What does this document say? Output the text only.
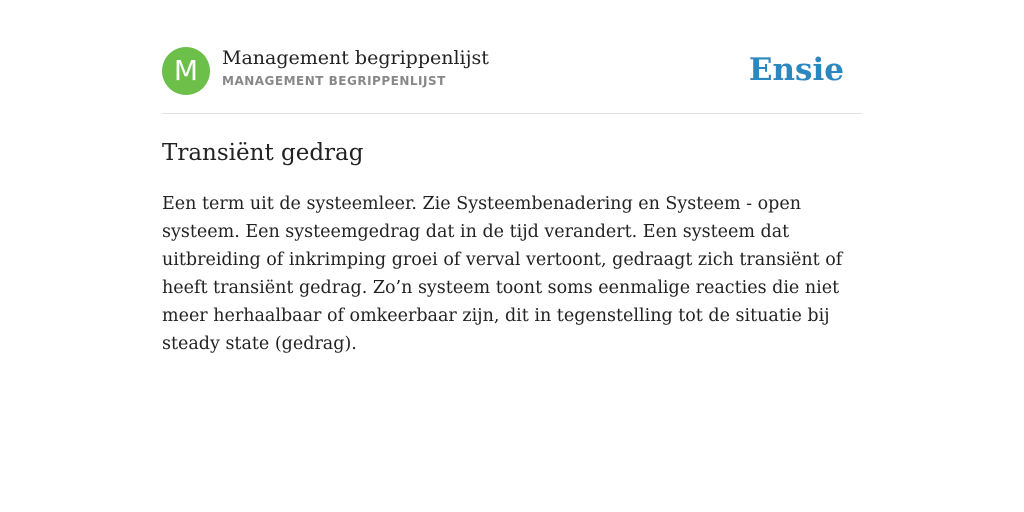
M	Management begrippenlijst
MANAGEMENT BEGRIPPENLIJST	Ensie
Transiënt gedrag

Een term uit de systeemleer. Zie Systeembenadering en Systeem - open systeem. Een systeemgedrag dat in de tijd verandert. Een systeem dat uitbreiding of inkrimping groei of verval vertoont, gedraagt zich transiënt of heeft transiënt gedrag. Zo’n systeem toont soms eenmalige reacties die niet meer herhaalbaar of omkeerbaar zijn, dit in tegenstelling tot de situatie bij steady state (gedrag).
